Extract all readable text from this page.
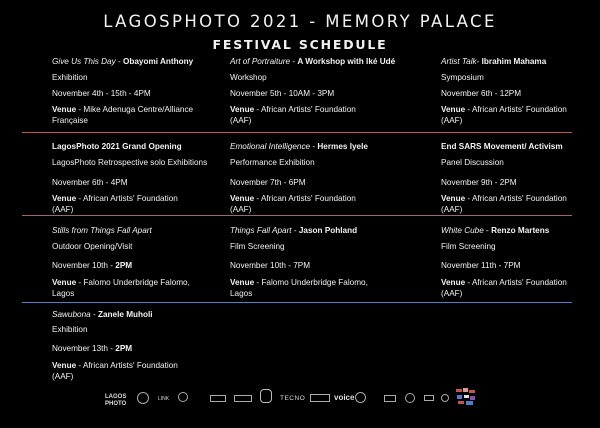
LAGOSPHOTO 2021 - MEMORY PALACE
FESTIVAL SCHEDULE
Give Us This Day - Obayomi Anthony
Exhibition
November 4th - 15th - 4PM
Venue - Mike Adenuga Centre/Alliance Française
Art of Portraiture - A Workshop with Iké Udé
Workshop
November 5th - 10AM - 3PM
Venue - African Artists' Foundation (AAF)
Artist Talk- Ibrahim Mahama
Symposium
November 6th - 12PM
Venue - African Artists' Foundation (AAF)
LagosPhoto 2021 Grand Opening
LagosPhoto Retrospective solo Exhibitions
November 6th - 4PM
Venue - African Artists' Foundation (AAF)
Emotional Intelligence - Hermes Iyele
Performance Exhibition
November 7th - 6PM
Venue - African Artists' Foundation (AAF)
End SARS Movement/ Activism
Panel Discussion
November 9th - 2PM
Venue - African Artists' Foundation (AAF)
Stills from Things Fall Apart
Outdoor Opening/Visit
November 10th - 2PM
Venue - Falomo Underbridge Falomo, Lagos
Things Fall Apart - Jason Pohland
Film Screening
November 10th - 7PM
Venue - Falomo Underbridge Falomo, Lagos
White Cube - Renzo Martens
Film Screening
November 11th - 7PM
Venue - African Artists' Foundation (AAF)
Sawubona - Zanele Muholi
Exhibition
November 13th - 2PM
Venue - African Artists' Foundation (AAF)
LAGOS PHOTO
LINK	TECNO	voice
